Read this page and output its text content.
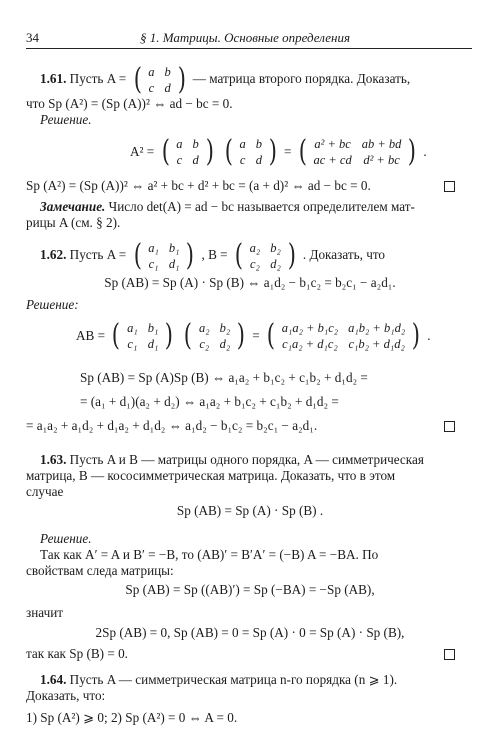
34	§ 1. Матрицы. Основные определения
1.61. Пусть A = ( a	b
c	d ) — матрица второго порядка. Доказать,
что Sp (A²) = (Sp (A))² ⇔ ad − bc = 0.
Решение.
A² = ( a	b
c	d )
( a	b
c	d ) = ( a² + bc	ab + bd
ac + cd	d² + bc ) .
Sp (A²) = (Sp (A))² ⇔ a² + bc + d² + bc = (a + d)² ⇔ ad − bc = 0.
Замечание. Число det(A) = ad − bc называется определителем мат-
рицы A (см. § 2).
1.62. Пусть A = ( a₁	b₁
c₁	d₁ ) , B = ( a₂	b₂
c₂	d₂ ) . Доказать, что
Sp (AB) = Sp (A) · Sp (B) ⇔ a₁d₂ − b₁c₂ = b₂c₁ − a₂d₁.
Решение:
AB = ( a₁	b₁
c₁	d₁ )
( a₂	b₂
c₂	d₂ ) = ( a₁a₂ + b₁c₂	a₁b₂ + b₁d₂
c₁a₂ + d₁c₂	c₁b₂ + d₁d₂ ) .
Sp (AB) = Sp (A)Sp (B) ⇔ a₁a₂ + b₁c₂ + c₁b₂ + d₁d₂ =
= (a₁ + d₁)(a₂ + d₂) ⇔ a₁a₂ + b₁c₂ + c₁b₂ + d₁d₂ =
= a₁a₂ + a₁d₂ + d₁a₂ + d₁d₂ ⇔ a₁d₂ − b₁c₂ = b₂c₁ − a₂d₁.
1.63. Пусть A и B — матрицы одного порядка, A — симметрическая
матрица, B — кососимметрическая матрица. Доказать, что в этом
случае
Sp (AB) = Sp (A) · Sp (B) .
Решение.
Так как A′ = A и B′ = −B, то (AB)′ = B′A′ = (−B) A = −BA. По
свойствам следа матрицы:
Sp (AB) = Sp ((AB)′) = Sp (−BA) = −Sp (AB),
значит
2Sp (AB) = 0, Sp (AB) = 0 = Sp (A) · 0 = Sp (A) · Sp (B),
так как Sp (B) = 0.
1.64. Пусть A — симметрическая матрица n-го порядка (n ⩾ 1).
Доказать, что:
1) Sp (A²) ⩾ 0; 2) Sp (A²) = 0 ⇔ A = 0.
